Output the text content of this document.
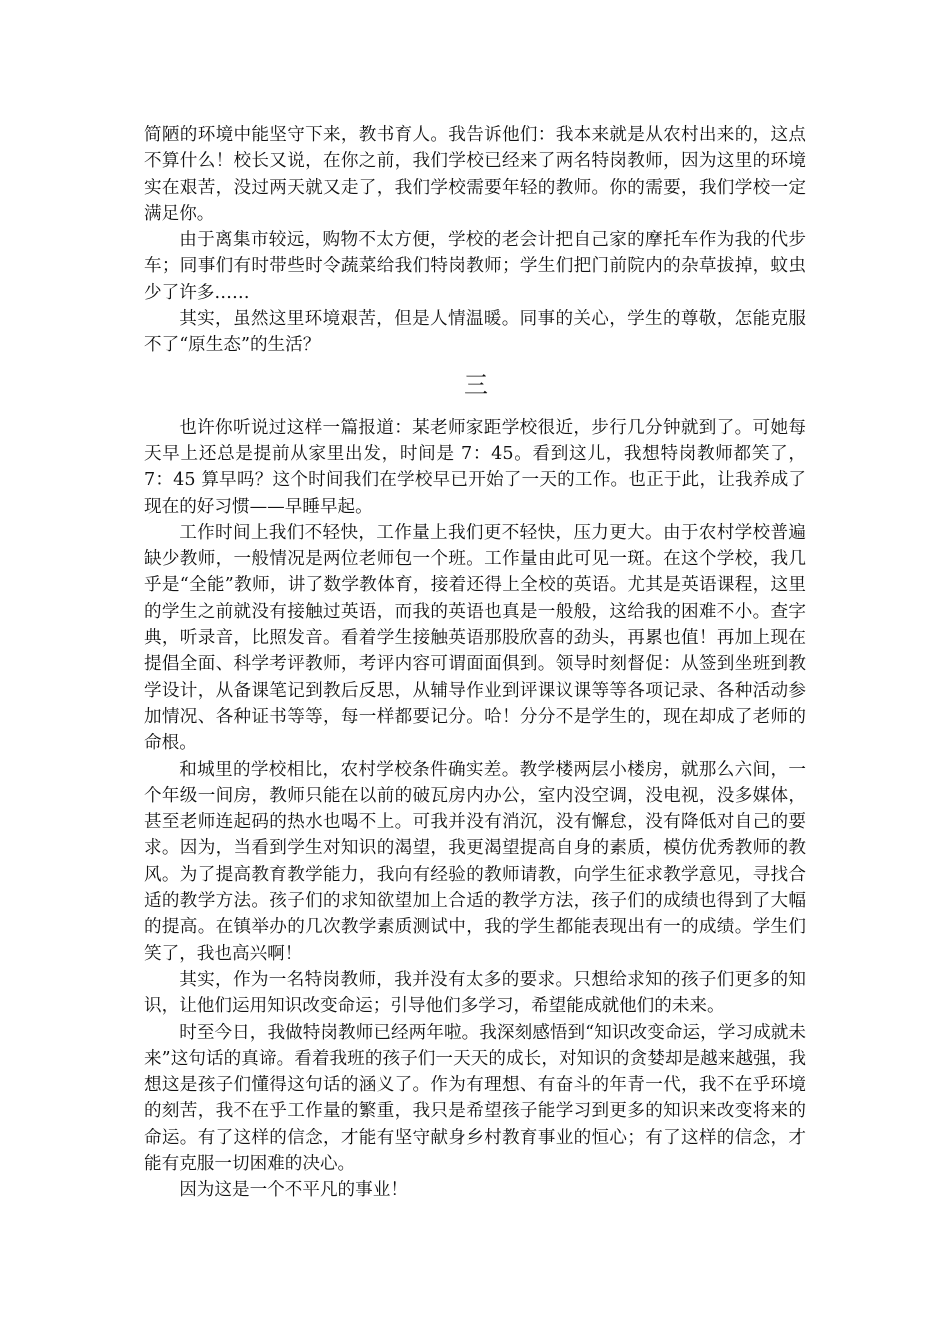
简陋的环境中能坚守下来，教书育人。我告诉他们：我本来就是从农村出来的，这点不算什么！校长又说，在你之前，我们学校已经来了两名特岗教师，因为这里的环境实在艰苦，没过两天就又走了，我们学校需要年轻的教师。你的需要，我们学校一定满足你。

由于离集市较远，购物不太方便，学校的老会计把自己家的摩托车作为我的代步车；同事们有时带些时令蔬菜给我们特岗教师；学生们把门前院内的杂草拔掉，蚊虫少了许多……

其实，虽然这里环境艰苦，但是人情温暖。同事的关心，学生的尊敬，怎能克服不了“原生态”的生活？

三

也许你听说过这样一篇报道：某老师家距学校很近，步行几分钟就到了。可她每天早上还总是提前从家里出发，时间是 7：45。看到这儿，我想特岗教师都笑了，7：45 算早吗？这个时间我们在学校早已开始了一天的工作。也正于此，让我养成了现在的好习惯——早睡早起。

工作时间上我们不轻快，工作量上我们更不轻快，压力更大。由于农村学校普遍缺少教师，一般情况是两位老师包一个班。工作量由此可见一斑。在这个学校，我几乎是“全能”教师，讲了数学教体育，接着还得上全校的英语。尤其是英语课程，这里的学生之前就没有接触过英语，而我的英语也真是一般般，这给我的困难不小。查字典，听录音，比照发音。看着学生接触英语那股欣喜的劲头，再累也值！再加上现在提倡全面、科学考评教师，考评内容可谓面面俱到。领导时刻督促：从签到坐班到教学设计，从备课笔记到教后反思，从辅导作业到评课议课等等各项记录、各种活动参加情况、各种证书等等，每一样都要记分。哈！分分不是学生的，现在却成了老师的命根。

和城里的学校相比，农村学校条件确实差。教学楼两层小楼房，就那么六间，一个年级一间房，教师只能在以前的破瓦房内办公，室内没空调，没电视，没多媒体，甚至老师连起码的热水也喝不上。可我并没有消沉，没有懈怠，没有降低对自己的要求。因为，当看到学生对知识的渴望，我更渴望提高自身的素质，模仿优秀教师的教风。为了提高教育教学能力，我向有经验的教师请教，向学生征求教学意见，寻找合适的教学方法。孩子们的求知欲望加上合适的教学方法，孩子们的成绩也得到了大幅的提高。在镇举办的几次教学素质测试中，我的学生都能表现出有一的成绩。学生们笑了，我也高兴啊！

其实，作为一名特岗教师，我并没有太多的要求。只想给求知的孩子们更多的知识，让他们运用知识改变命运；引导他们多学习，希望能成就他们的未来。

时至今日，我做特岗教师已经两年啦。我深刻感悟到“知识改变命运，学习成就未来”这句话的真谛。看着我班的孩子们一天天的成长，对知识的贪婪却是越来越强，我想这是孩子们懂得这句话的涵义了。作为有理想、有奋斗的年青一代，我不在乎环境的刻苦，我不在乎工作量的繁重，我只是希望孩子能学习到更多的知识来改变将来的命运。有了这样的信念，才能有坚守献身乡村教育事业的恒心；有了这样的信念，才能有克服一切困难的决心。

因为这是一个不平凡的事业！
